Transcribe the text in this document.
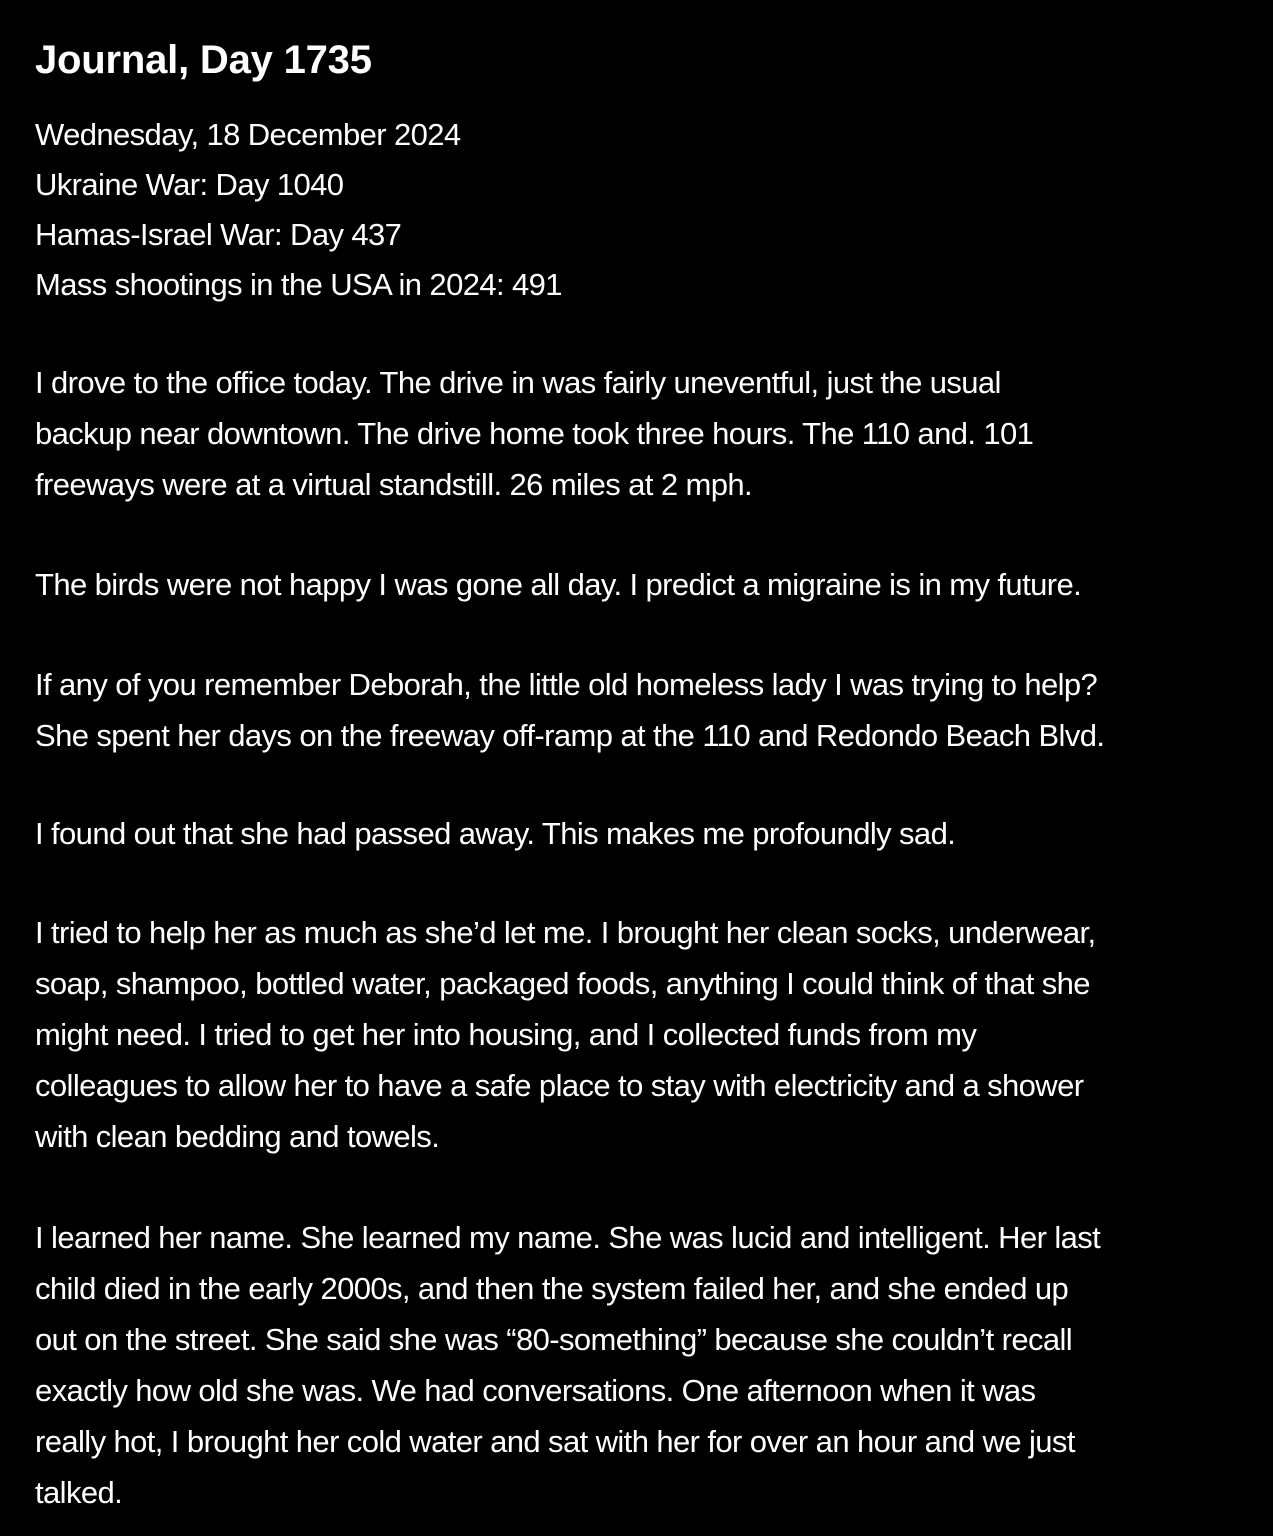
Journal, Day 1735
Wednesday, 18 December 2024
Ukraine War: Day 1040
Hamas-Israel War: Day 437
Mass shootings in the USA in 2024: 491
I drove to the office today. The drive in was fairly uneventful, just the usual
backup near downtown. The drive home took three hours. The 110 and. 101
freeways were at a virtual standstill. 26 miles at 2 mph.
The birds were not happy I was gone all day. I predict a migraine is in my future.
If any of you remember Deborah, the little old homeless lady I was trying to help?
She spent her days on the freeway off-ramp at the 110 and Redondo Beach Blvd.
I found out that she had passed away. This makes me profoundly sad.
I tried to help her as much as she’d let me. I brought her clean socks, underwear,
soap, shampoo, bottled water, packaged foods, anything I could think of that she
might need. I tried to get her into housing, and I collected funds from my
colleagues to allow her to have a safe place to stay with electricity and a shower
with clean bedding and towels.
I learned her name. She learned my name. She was lucid and intelligent. Her last
child died in the early 2000s, and then the system failed her, and she ended up
out on the street. She said she was “80-something” because she couldn’t recall
exactly how old she was. We had conversations. One afternoon when it was
really hot, I brought her cold water and sat with her for over an hour and we just
talked.
